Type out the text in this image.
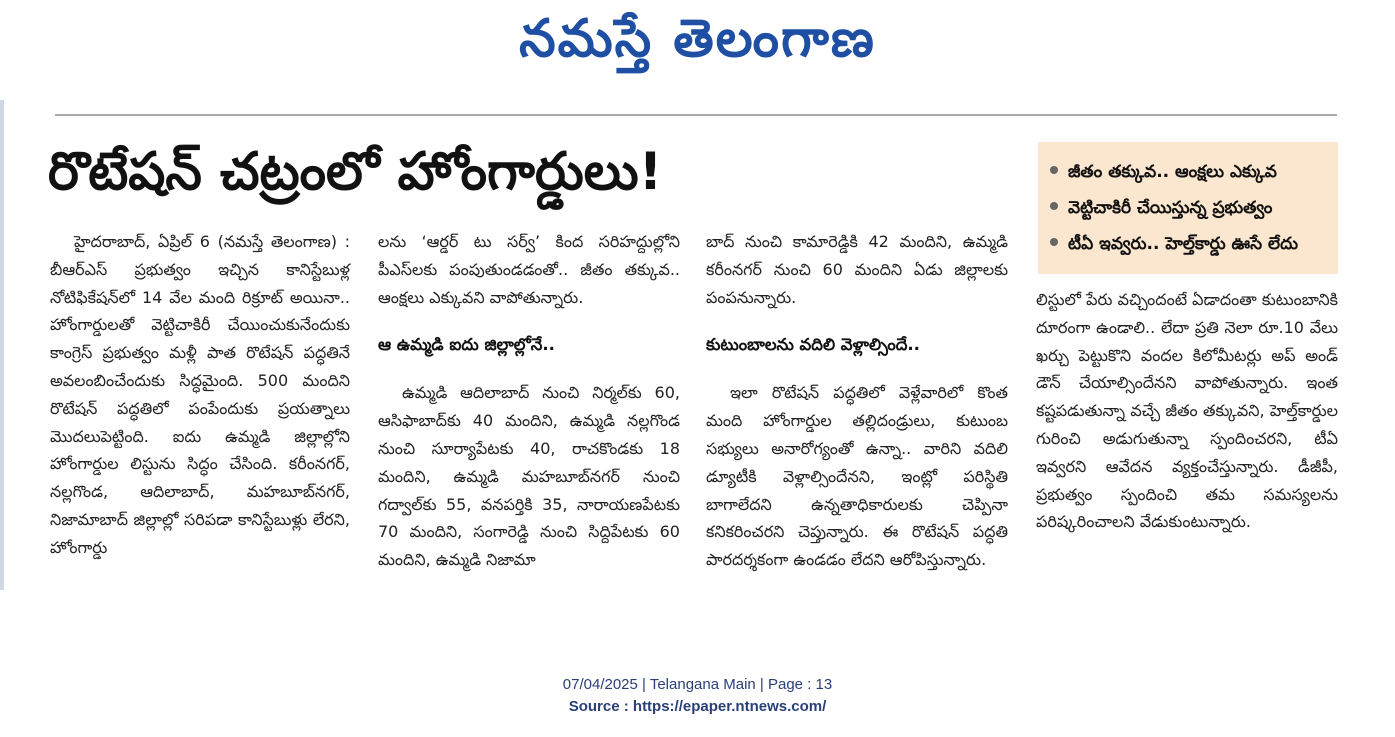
నమస్తే తెలంగాణ
రొటేషన్ చట్రంలో హోంగార్డులు!	జీతం తక్కువ.. ఆంక్షలు ఎక్కువ
వెట్టిచాకిరీ చేయిస్తున్న ప్రభుత్వం
టీఏ ఇవ్వరు.. హెల్త్‌కార్డు ఊసే లేదు

హైదరాబాద్, ఏప్రిల్ 6 (నమస్తే తెలంగాణ) : బీఆర్ఎస్ ప్రభుత్వం ఇచ్చిన కానిస్టేబుళ్ల నోటిఫికేషన్‌లో 14 వేల మంది రిక్రూట్ అయినా.. హోంగార్డులతో వెట్టిచాకిరీ చేయించుకునేందుకు కాంగ్రెస్ ప్రభుత్వం మళ్లీ పాత రొటేషన్ పద్ధతినే అవలంబించేందుకు సిద్ధమైంది. 500 మందిని రొటేషన్ పద్ధతిలో పంపేందుకు ప్రయత్నాలు మొదలుపెట్టింది. ఐదు ఉమ్మడి జిల్లాల్లోని హోంగార్డుల లిస్టును సిద్ధం చేసింది. కరీంనగర్, నల్లగొండ, ఆదిలాబాద్, మహబూబ్‌నగర్, నిజామాబాద్ జిల్లాల్లో సరిపడా కానిస్టేబుళ్లు లేరని, హోంగార్డు

లను ‘ఆర్డర్ టు సర్వ్’ కింద సరిహద్దుల్లోని పీఎస్‌లకు పంపుతుండడంతో.. జీతం తక్కువ.. ఆంక్షలు ఎక్కువని వాపోతున్నారు.

ఆ ఉమ్మడి ఐదు జిల్లాల్లోనే..

ఉమ్మడి ఆదిలాబాద్ నుంచి నిర్మల్‌కు 60, ఆసిఫాబాద్‌కు 40 మందిని, ఉమ్మడి నల్లగొండ నుంచి సూర్యాపేటకు 40, రాచకొండకు 18 మందిని, ఉమ్మడి మహబూబ్‌నగర్ నుంచి గద్వాల్‌కు 55, వనపర్తికి 35, నారాయణపేటకు 70 మందిని, సంగారెడ్డి నుంచి సిద్దిపేటకు 60 మందిని, ఉమ్మడి నిజామా

బాద్ నుంచి కామారెడ్డికి 42 మందిని, ఉమ్మడి కరీంనగర్ నుంచి 60 మందిని ఏడు జిల్లాలకు పంపనున్నారు.

కుటుంబాలను వదిలి వెళ్లాల్సిందే..

ఇలా రొటేషన్ పద్ధతిలో వెళ్లేవారిలో కొంత మంది హోంగార్డుల తల్లిదండ్రులు, కుటుంబ సభ్యులు అనారోగ్యంతో ఉన్నా.. వారిని వదిలి డ్యూటీకి వెళ్లాల్సిందేనని, ఇంట్లో పరిస్థితి బాగాలేదని ఉన్నతాధికారులకు చెప్పినా కనికరించరని చెప్తున్నారు. ఈ రొటేషన్ పద్ధతి పారదర్శకంగా ఉండడం లేదని ఆరోపిస్తున్నారు.

లిస్టులో పేరు వచ్చిందంటే ఏడాదంతా కుటుంబానికి దూరంగా ఉండాలి.. లేదా ప్రతి నెలా రూ.10 వేలు ఖర్చు పెట్టుకొని వందల కిలోమీటర్లు అప్ అండ్ డౌన్ చేయాల్సిందేనని వాపోతున్నారు. ఇంత కష్టపడుతున్నా వచ్చే జీతం తక్కువని, హెల్త్‌కార్డుల గురించి అడుగుతున్నా స్పందించరని, టీఏ ఇవ్వరని ఆవేదన వ్యక్తంచేస్తున్నారు. డీజీపీ, ప్రభుత్వం స్పందించి తమ సమస్యలను పరిష్కరించాలని వేడుకుంటున్నారు.

07/04/2025 | Telangana Main | Page : 13
Source : https://epaper.ntnews.com/
